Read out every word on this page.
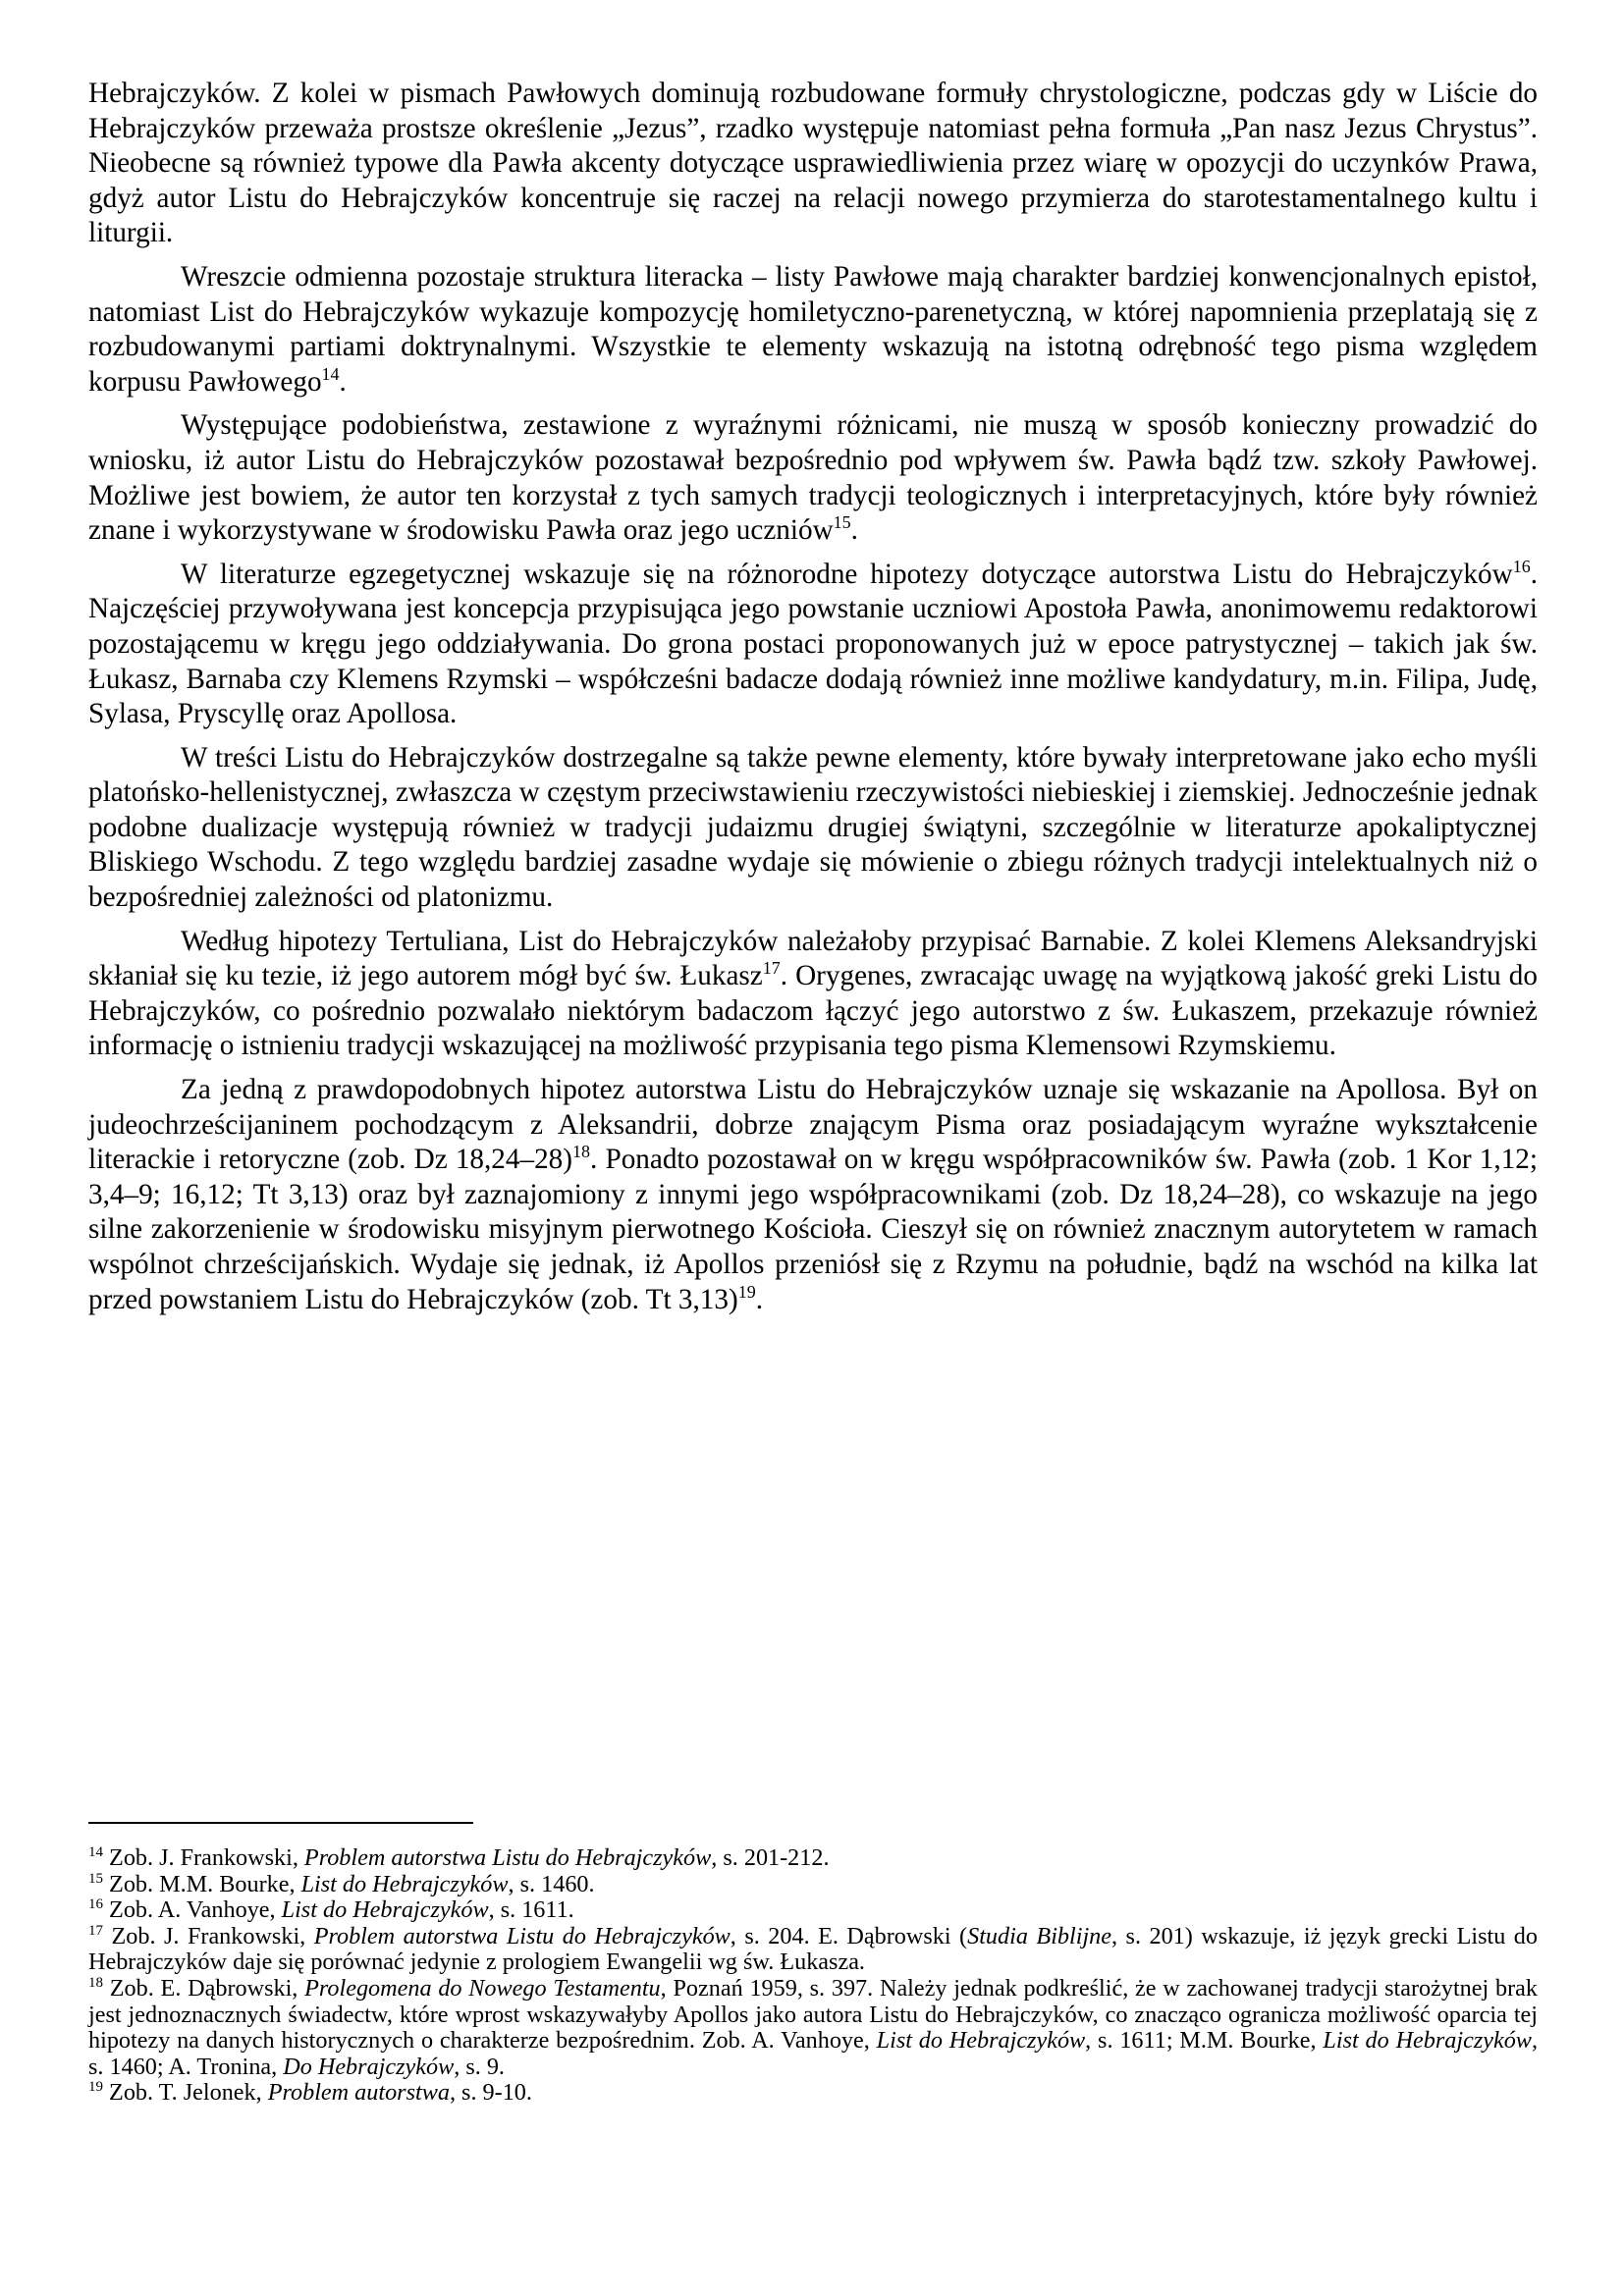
Hebrajczyków. Z kolei w pismach Pawłowych dominują rozbudowane formuły chrystologiczne, podczas gdy w Liście do Hebrajczyków przeważa prostsze określenie „Jezus”, rzadko występuje natomiast pełna formuła „Pan nasz Jezus Chrystus”. Nieobecne są również typowe dla Pawła akcenty dotyczące usprawiedliwienia przez wiarę w opozycji do uczynków Prawa, gdyż autor Listu do Hebrajczyków koncentruje się raczej na relacji nowego przymierza do starotestamentalnego kultu i liturgii.

Wreszcie odmienna pozostaje struktura literacka – listy Pawłowe mają charakter bardziej konwencjonalnych epistoł, natomiast List do Hebrajczyków wykazuje kompozycję homiletyczno-parenetyczną, w której napomnienia przeplatają się z rozbudowanymi partiami doktrynalnymi. Wszystkie te elementy wskazują na istotną odrębność tego pisma względem korpusu Pawłowego$^{14}$.

Występujące podobieństwa, zestawione z wyraźnymi różnicami, nie muszą w sposób konieczny prowadzić do wniosku, iż autor Listu do Hebrajczyków pozostawał bezpośrednio pod wpływem św. Pawła bądź tzw. szkoły Pawłowej. Możliwe jest bowiem, że autor ten korzystał z tych samych tradycji teologicznych i interpretacyjnych, które były również znane i wykorzystywane w środowisku Pawła oraz jego uczniów$^{15}$.

W literaturze egzegetycznej wskazuje się na różnorodne hipotezy dotyczące autorstwa Listu do Hebrajczyków$^{16}$. Najczęściej przywoływana jest koncepcja przypisująca jego powstanie uczniowi Apostoła Pawła, anonimowemu redaktorowi pozostającemu w kręgu jego oddziaływania. Do grona postaci proponowanych już w epoce patrystycznej – takich jak św. Łukasz, Barnaba czy Klemens Rzymski – współcześni badacze dodają również inne możliwe kandydatury, m.in. Filipa, Judę, Sylasa, Pryscyllę oraz Apollosa.

W treści Listu do Hebrajczyków dostrzegalne są także pewne elementy, które bywały interpretowane jako echo myśli platońsko-hellenistycznej, zwłaszcza w częstym przeciwstawieniu rzeczywistości niebieskiej i ziemskiej. Jednocześnie jednak podobne dualizacje występują również w tradycji judaizmu drugiej świątyni, szczególnie w literaturze apokaliptycznej Bliskiego Wschodu. Z tego względu bardziej zasadne wydaje się mówienie o zbiegu różnych tradycji intelektualnych niż o bezpośredniej zależności od platonizmu.

Według hipotezy Tertuliana, List do Hebrajczyków należałoby przypisać Barnabie. Z kolei Klemens Aleksandryjski skłaniał się ku tezie, iż jego autorem mógł być św. Łukasz$^{17}$. Orygenes, zwracając uwagę na wyjątkową jakość greki Listu do Hebrajczyków, co pośrednio pozwalało niektórym badaczom łączyć jego autorstwo z św. Łukaszem, przekazuje również informację o istnieniu tradycji wskazującej na możliwość przypisania tego pisma Klemensowi Rzymskiemu.

Za jedną z prawdopodobnych hipotez autorstwa Listu do Hebrajczyków uznaje się wskazanie na Apollosa. Był on judeochrześcijaninem pochodzącym z Aleksandrii, dobrze znającym Pisma oraz posiadającym wyraźne wykształcenie literackie i retoryczne (zob. Dz 18,24–28)$^{18}$. Ponadto pozostawał on w kręgu współpracowników św. Pawła (zob. 1 Kor 1,12; 3,4–9; 16,12; Tt 3,13) oraz był zaznajomiony z innymi jego współpracownikami (zob. Dz 18,24–28), co wskazuje na jego silne zakorzenienie w środowisku misyjnym pierwotnego Kościoła. Cieszył się on również znacznym autorytetem w ramach wspólnot chrześcijańskich. Wydaje się jednak, iż Apollos przeniósł się z Rzymu na południe, bądź na wschód na kilka lat przed powstaniem Listu do Hebrajczyków (zob. Tt 3,13)$^{19}$.

$^{14}$ Zob. J. Frankowski, Problem autorstwa Listu do Hebrajczyków, s. 201-212.

$^{15}$ Zob. M.M. Bourke, List do Hebrajczyków, s. 1460.

$^{16}$ Zob. A. Vanhoye, List do Hebrajczyków, s. 1611.

$^{17}$ Zob. J. Frankowski, Problem autorstwa Listu do Hebrajczyków, s. 204. E. Dąbrowski (Studia Biblijne, s. 201) wskazuje, iż język grecki Listu do Hebrajczyków daje się porównać jedynie z prologiem Ewangelii wg św. Łukasza.

$^{18}$ Zob. E. Dąbrowski, Prolegomena do Nowego Testamentu, Poznań 1959, s. 397. Należy jednak podkreślić, że w zachowanej tradycji starożytnej brak jest jednoznacznych świadectw, które wprost wskazywałyby Apollos jako autora Listu do Hebrajczyków, co znacząco ogranicza możliwość oparcia tej hipotezy na danych historycznych o charakterze bezpośrednim. Zob. A. Vanhoye, List do Hebrajczyków, s. 1611; M.M. Bourke, List do Hebrajczyków, s. 1460; A. Tronina, Do Hebrajczyków, s. 9.

$^{19}$ Zob. T. Jelonek, Problem autorstwa, s. 9-10.
